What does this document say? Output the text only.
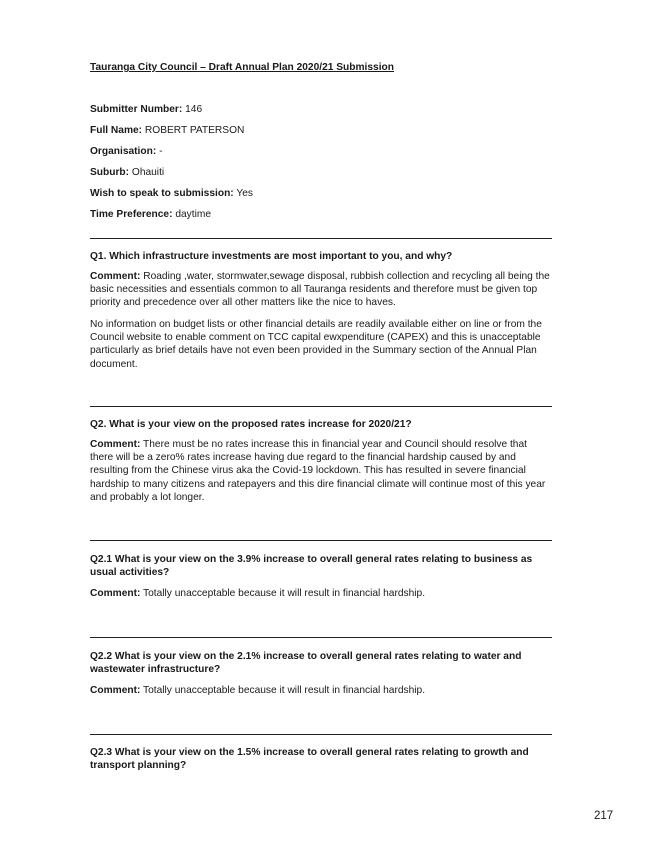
Tauranga City Council – Draft Annual Plan 2020/21 Submission
Submitter Number: 146
Full Name: ROBERT PATERSON
Organisation: -
Suburb: Ohauiti
Wish to speak to submission: Yes
Time Preference: daytime
Q1. Which infrastructure investments are most important to you, and why?
Comment: Roading ,water, stormwater,sewage disposal, rubbish collection and recycling all being the basic necessities and essentials common to all Tauranga residents and therefore must be given top priority and precedence over all other matters like the nice to haves.
No information on budget lists or other financial details are readily available either on line or from the Council website to enable comment on TCC capital ewxpenditure (CAPEX) and this is unacceptable particularly as brief details have not even been provided in the Summary section of the Annual Plan document.
Q2. What is your view on the proposed rates increase for 2020/21?
Comment: There must be no rates increase this in financial year and Council should resolve that there will be a zero% rates increase having due regard to the financial hardship caused by and resulting from the Chinese virus aka the Covid-19 lockdown. This has resulted in severe financial hardship to many citizens and ratepayers and this dire financial climate will continue most of this year and probably a lot longer.
Q2.1 What is your view on the 3.9% increase to overall general rates relating to business as usual activities?
Comment: Totally unacceptable because it will result in financial hardship.
Q2.2 What is your view on the 2.1% increase to overall general rates relating to water and wastewater infrastructure?
Comment: Totally unacceptable because it will result in financial hardship.
Q2.3 What is your view on the 1.5% increase to overall general rates relating to growth and transport planning?
217
